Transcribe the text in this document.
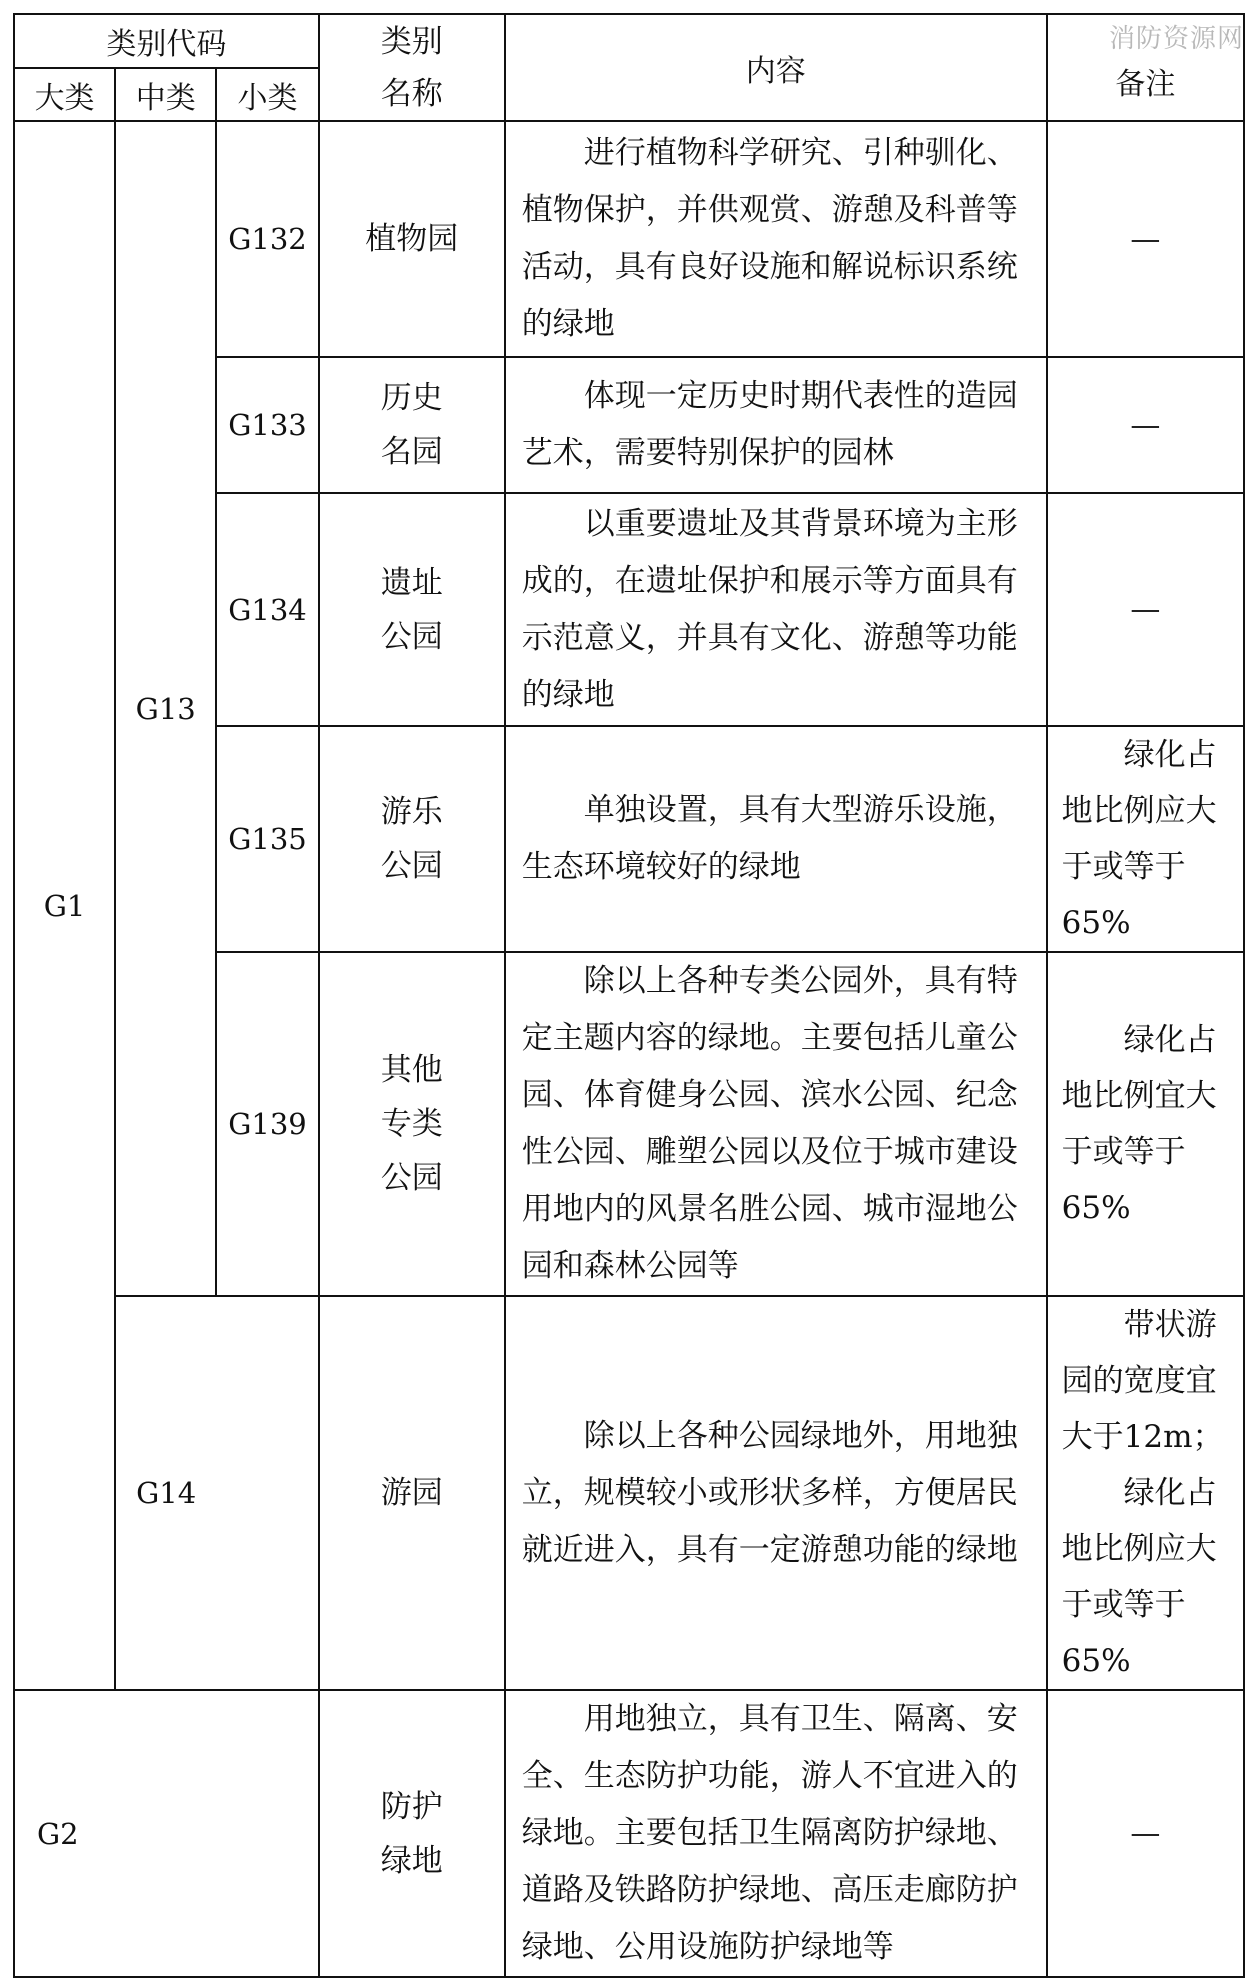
消防资源网
类别代码			类别名称	内容	备注
大类	中类	小类			
G1	G13	G132	植物园	进行植物科学研究、引种驯化、植物保护，并供观赏、游憩及科普等活动，具有良好设施和解说标识系统的绿地	—
		G133	历史名园	体现一定历史时期代表性的造园艺术，需要特别保护的园林	—
		G134	遗址公园	以重要遗址及其背景环境为主形成的，在遗址保护和展示等方面具有示范意义，并具有文化、游憩等功能的绿地	—
		G135	游乐公园	单独设置，具有大型游乐设施，生态环境较好的绿地	绿化占地比例应大于或等于65%

		G139	其他专类公园	除以上各种专类公园外，具有特定主题内容的绿地。主要包括儿童公园、体育健身公园、滨水公园、纪念性公园、雕塑公园以及位于城市建设用地内的风景名胜公园、城市湿地公园和森林公园等	绿化占地比例宜大于或等于65%

	G14		游园	除以上各种公园绿地外，用地独立，规模较小或形状多样，方便居民就近进入，具有一定游憩功能的绿地	带状游园的宽度宜大于12m；
绿化占地比例应大于或等于65%

G2			防护绿地	用地独立，具有卫生、隔离、安全、生态防护功能，游人不宜进入的绿地。主要包括卫生隔离防护绿地、道路及铁路防护绿地、高压走廊防护绿地、公用设施防护绿地等	—
